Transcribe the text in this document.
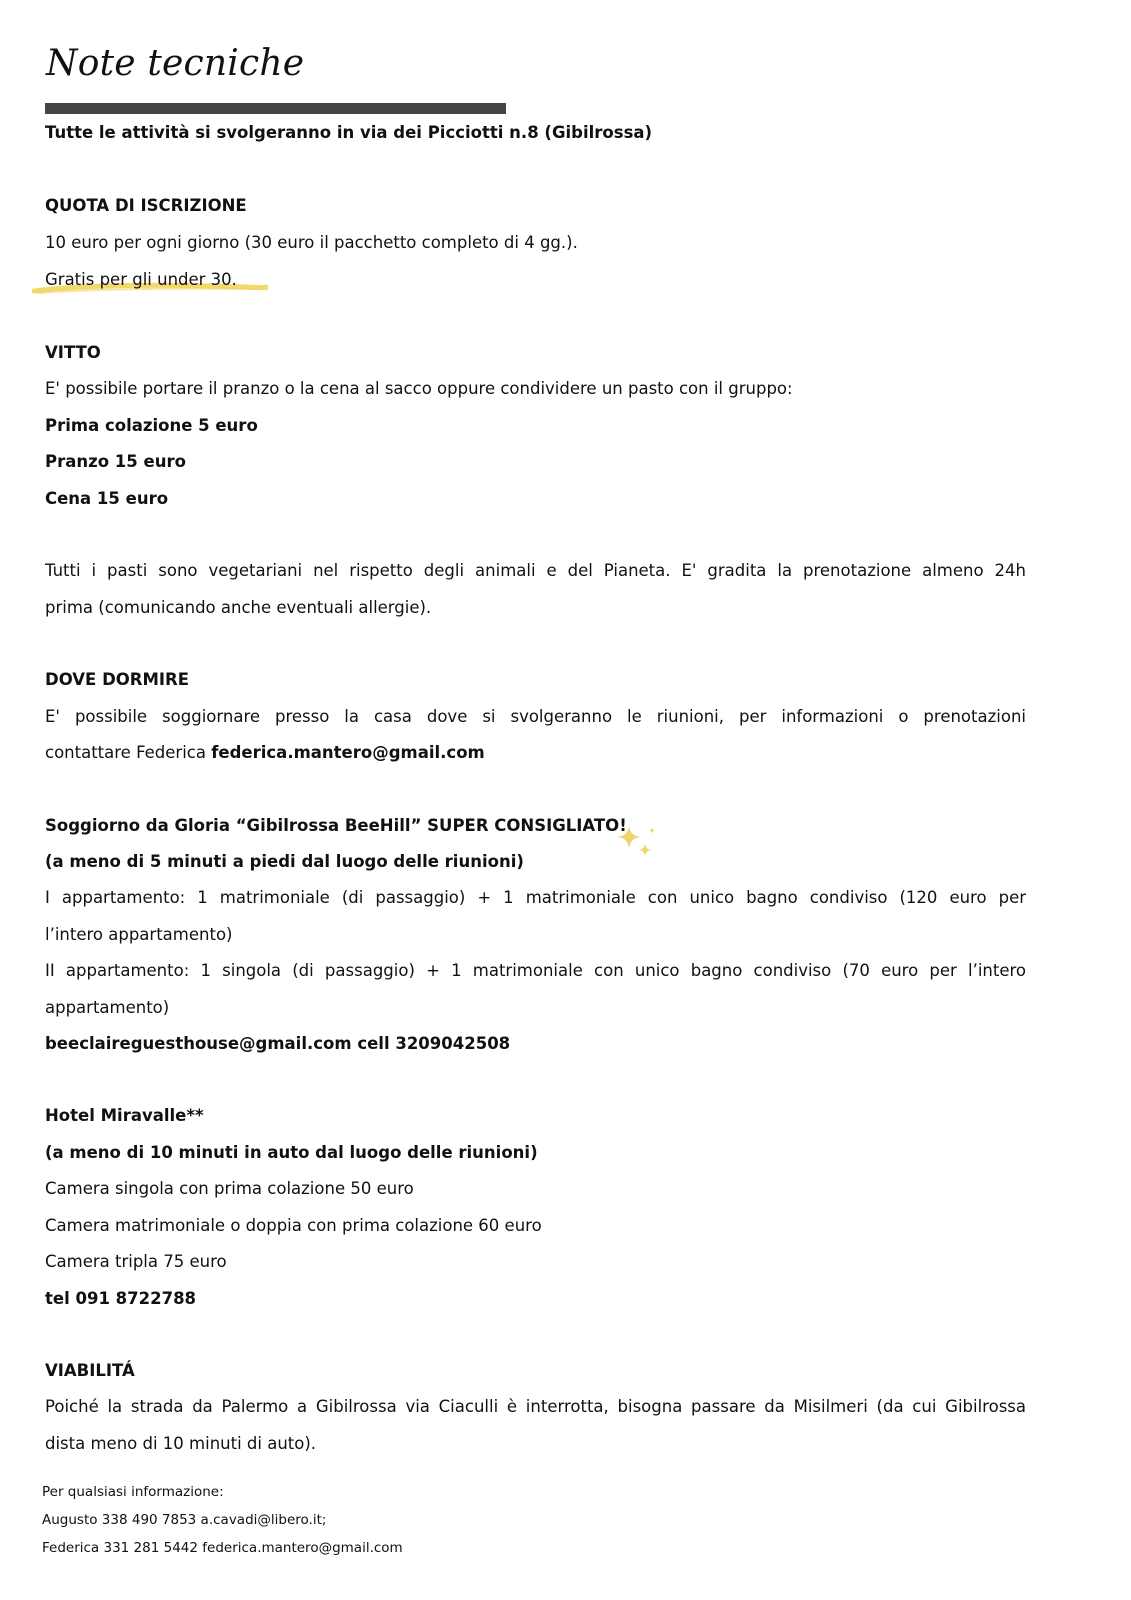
Note tecniche
Tutte le attività si svolgeranno in via dei Picciotti n.8 (Gibilrossa)
QUOTA DI ISCRIZIONE
10 euro per ogni giorno (30 euro il pacchetto completo di 4 gg.).
Gratis per gli under 30.
VITTO
E' possibile portare il pranzo o la cena al sacco oppure condividere un pasto con il gruppo:
Prima colazione 5 euro
Pranzo 15 euro
Cena 15 euro
Tutti i pasti sono vegetariani nel rispetto degli animali e del Pianeta. E' gradita la prenotazione almeno 24h
prima (comunicando anche eventuali allergie).
DOVE DORMIRE
E' possibile soggiornare presso la casa dove si svolgeranno le riunioni, per informazioni o prenotazioni
contattare Federica federica.mantero@gmail.com
Soggiorno da Gloria “Gibilrossa BeeHill” SUPER CONSIGLIATO!
(a meno di 5 minuti a piedi dal luogo delle riunioni)
I appartamento: 1 matrimoniale (di passaggio) + 1 matrimoniale con unico bagno condiviso (120 euro per
l’intero appartamento)
II appartamento: 1 singola (di passaggio) + 1 matrimoniale con unico bagno condiviso (70 euro per l’intero
appartamento)
beeclaireguesthouse@gmail.com cell 3209042508
Hotel Miravalle**
(a meno di 10 minuti in auto dal luogo delle riunioni)
Camera singola con prima colazione 50 euro
Camera matrimoniale o doppia con prima colazione 60 euro
Camera tripla 75 euro
tel 091 8722788
VIABILITÁ
Poiché la strada da Palermo a Gibilrossa via Ciaculli è interrotta, bisogna passare da Misilmeri (da cui Gibilrossa
dista meno di 10 minuti di auto).
Per qualsiasi informazione:
Augusto 338 490 7853 a.cavadi@libero.it;
Federica 331 281 5442 federica.mantero@gmail.com
